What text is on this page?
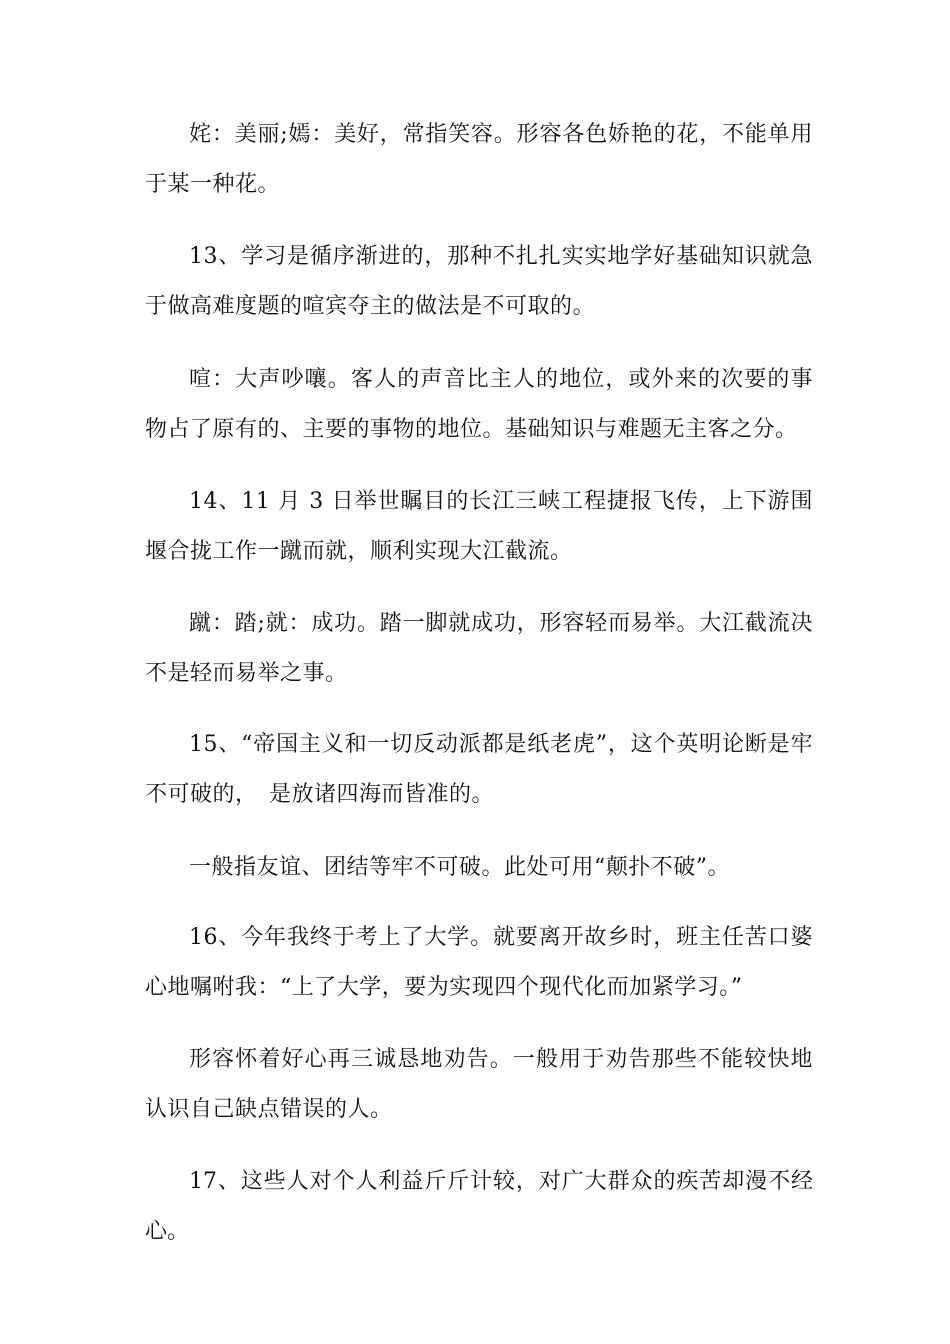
姹：美丽;嫣：美好，常指笑容。形容各色娇艳的花，不能单用于某一种花。

13、学习是循序渐进的，那种不扎扎实实地学好基础知识就急于做高难度题的喧宾夺主的做法是不可取的。

喧：大声吵嚷。客人的声音比主人的地位，或外来的次要的事物占了原有的、主要的事物的地位。基础知识与难题无主客之分。

14、11 月 3 日举世瞩目的长江三峡工程捷报飞传，上下游围堰合拢工作一蹴而就，顺利实现大江截流。

蹴：踏;就：成功。踏一脚就成功，形容轻而易举。大江截流决不是轻而易举之事。

15、“帝国主义和一切反动派都是纸老虎”，这个英明论断是牢不可破的，　是放诸四海而皆准的。

一般指友谊、团结等牢不可破。此处可用“颠扑不破”。

16、今年我终于考上了大学。就要离开故乡时，班主任苦口婆心地嘱咐我：“上了大学，要为实现四个现代化而加紧学习。”

形容怀着好心再三诚恳地劝告。一般用于劝告那些不能较快地认识自己缺点错误的人。

17、这些人对个人利益斤斤计较，对广大群众的疾苦却漫不经心。
